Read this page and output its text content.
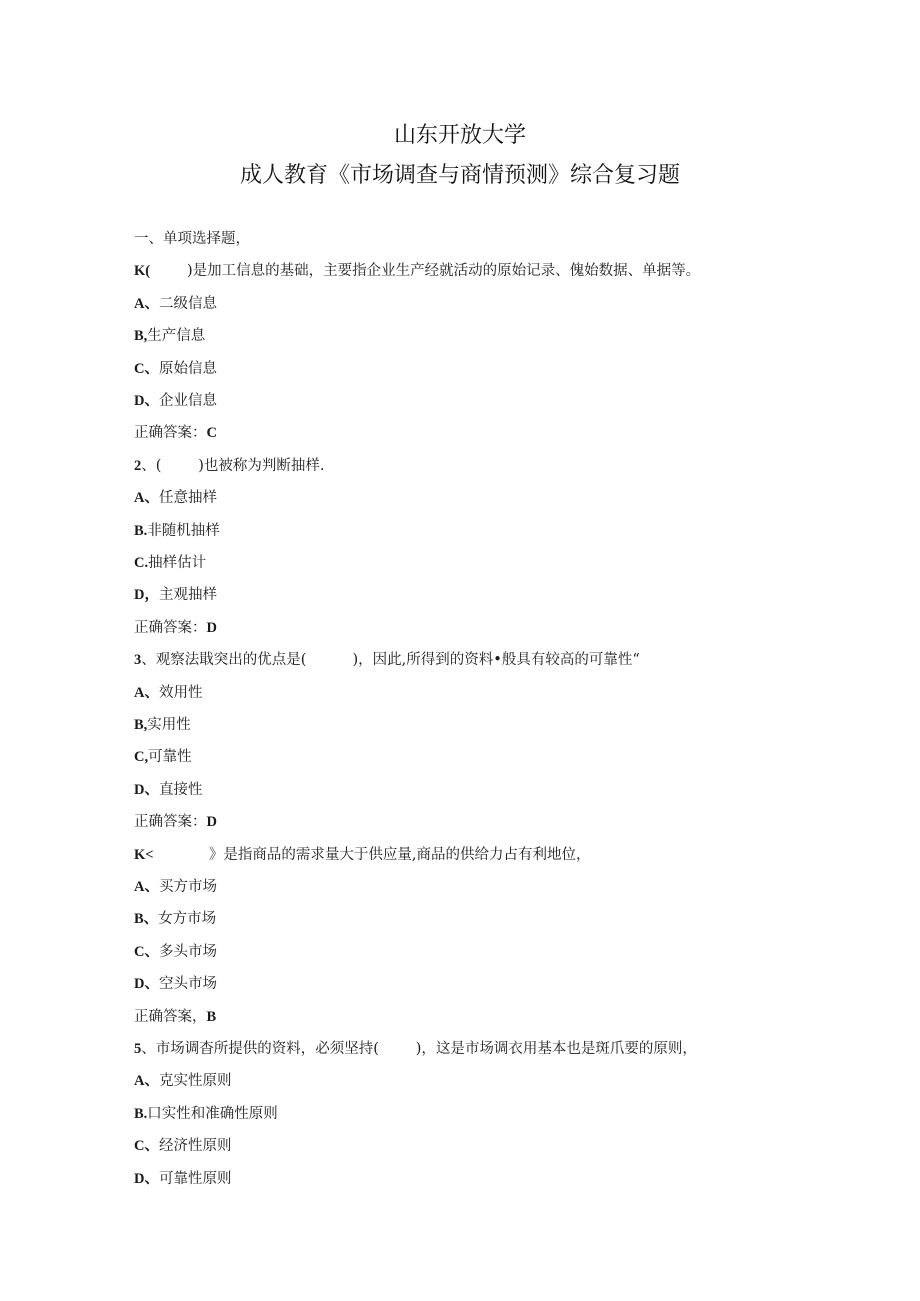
山东开放大学
成人教育《市场调查与商情预测》综合复习题
一、单项选择题，
K(        )是加工信息的基础，主要指企业生产经就活动的原始记录、傀始数据、单据等。
A、二级信息
B,生产信息
C、原始信息
D、企业信息
正确答案：C
2、(        )也被称为判断抽样.
A、任意抽样
B.非随机抽样
C.抽样估计
D，主观抽样
正确答案：D
3、观察法戢突出的优点是(          )，因此,所得到的资料•般具有较高的可靠性“
A、效用性
B,实用性
C,可靠性
D、直接性
正确答案：D
K<            》是指商品的需求量大于供应量,商品的供给力占有利地位，
A、买方市场
B、女方市场
C、多头市场
D、空头市场
正确答案，B
5、市场调杳所提供的资料，必须坚持(        )，这是市场调衣用基本也是斑爪要的原则，
A、克实性原则
B.口实性和准确性原则
C、经济性原则
D、可靠性原则
